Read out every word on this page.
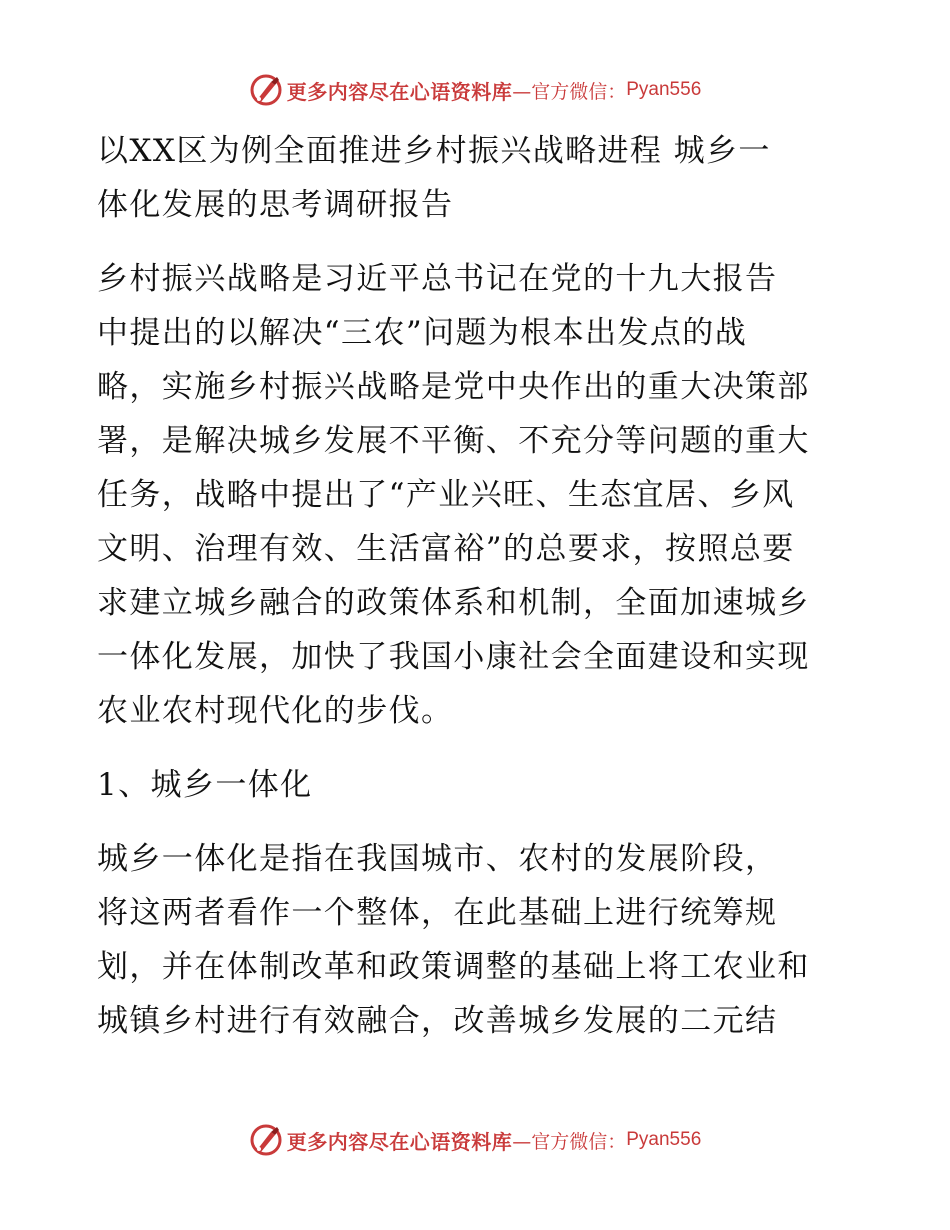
更多内容尽在心语资料库 —官方微信： Pyan556
以XX区为例全面推进乡村振兴战略进程 城乡一
体化发展的思考调研报告
乡村振兴战略是习近平总书记在党的十九大报告
中提出的以解决“三农”问题为根本出发点的战
略，实施乡村振兴战略是党中央作出的重大决策部
署，是解决城乡发展不平衡、不充分等问题的重大
任务，战略中提出了“产业兴旺、生态宜居、乡风
文明、治理有效、生活富裕”的总要求，按照总要
求建立城乡融合的政策体系和机制，全面加速城乡
一体化发展，加快了我国小康社会全面建设和实现
农业农村现代化的步伐。
1、城乡一体化
城乡一体化是指在我国城市、农村的发展阶段，
将这两者看作一个整体，在此基础上进行统筹规
划，并在体制改革和政策调整的基础上将工农业和
城镇乡村进行有效融合，改善城乡发展的二元结
更多内容尽在心语资料库 —官方微信： Pyan556
